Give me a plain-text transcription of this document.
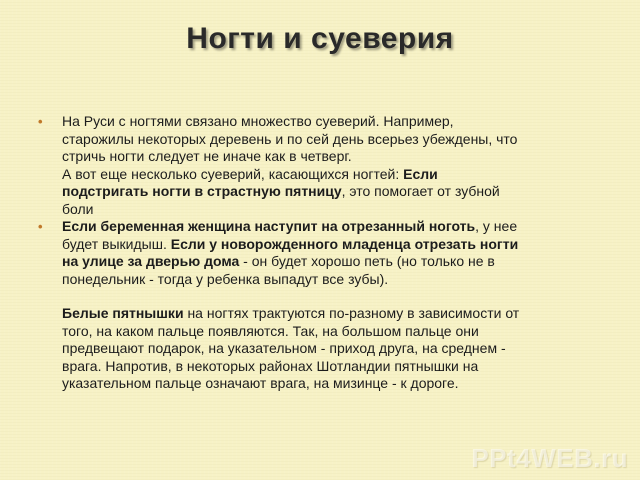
Ногти и суеверия
• На Руси с ногтями связано множество суеверий. Например,
старожилы некоторых деревень и по сей день всерьез убеждены, что
стричь ногти следует не иначе как в четверг.
А вот еще несколько суеверий, касающихся ногтей: Если
подстригать ногти в страстную пятницу, это помогает от зубной
боли
• Если беременная женщина наступит на отрезанный ноготь, у нее
будет выкидыш. Если у новорожденного младенца отрезать ногти
на улице за дверью дома - он будет хорошо петь (но только не в
понедельник - тогда у ребенка выпадут все зубы).
Белые пятнышки на ногтях трактуются по-разному в зависимости от
того, на каком пальце появляются. Так, на большом пальце они
предвещают подарок, на указательном - приход друга, на среднем -
врага. Напротив, в некоторых районах Шотландии пятнышки на
указательном пальце означают врага, на мизинце - к дороге.
PPt4WEB.ru
